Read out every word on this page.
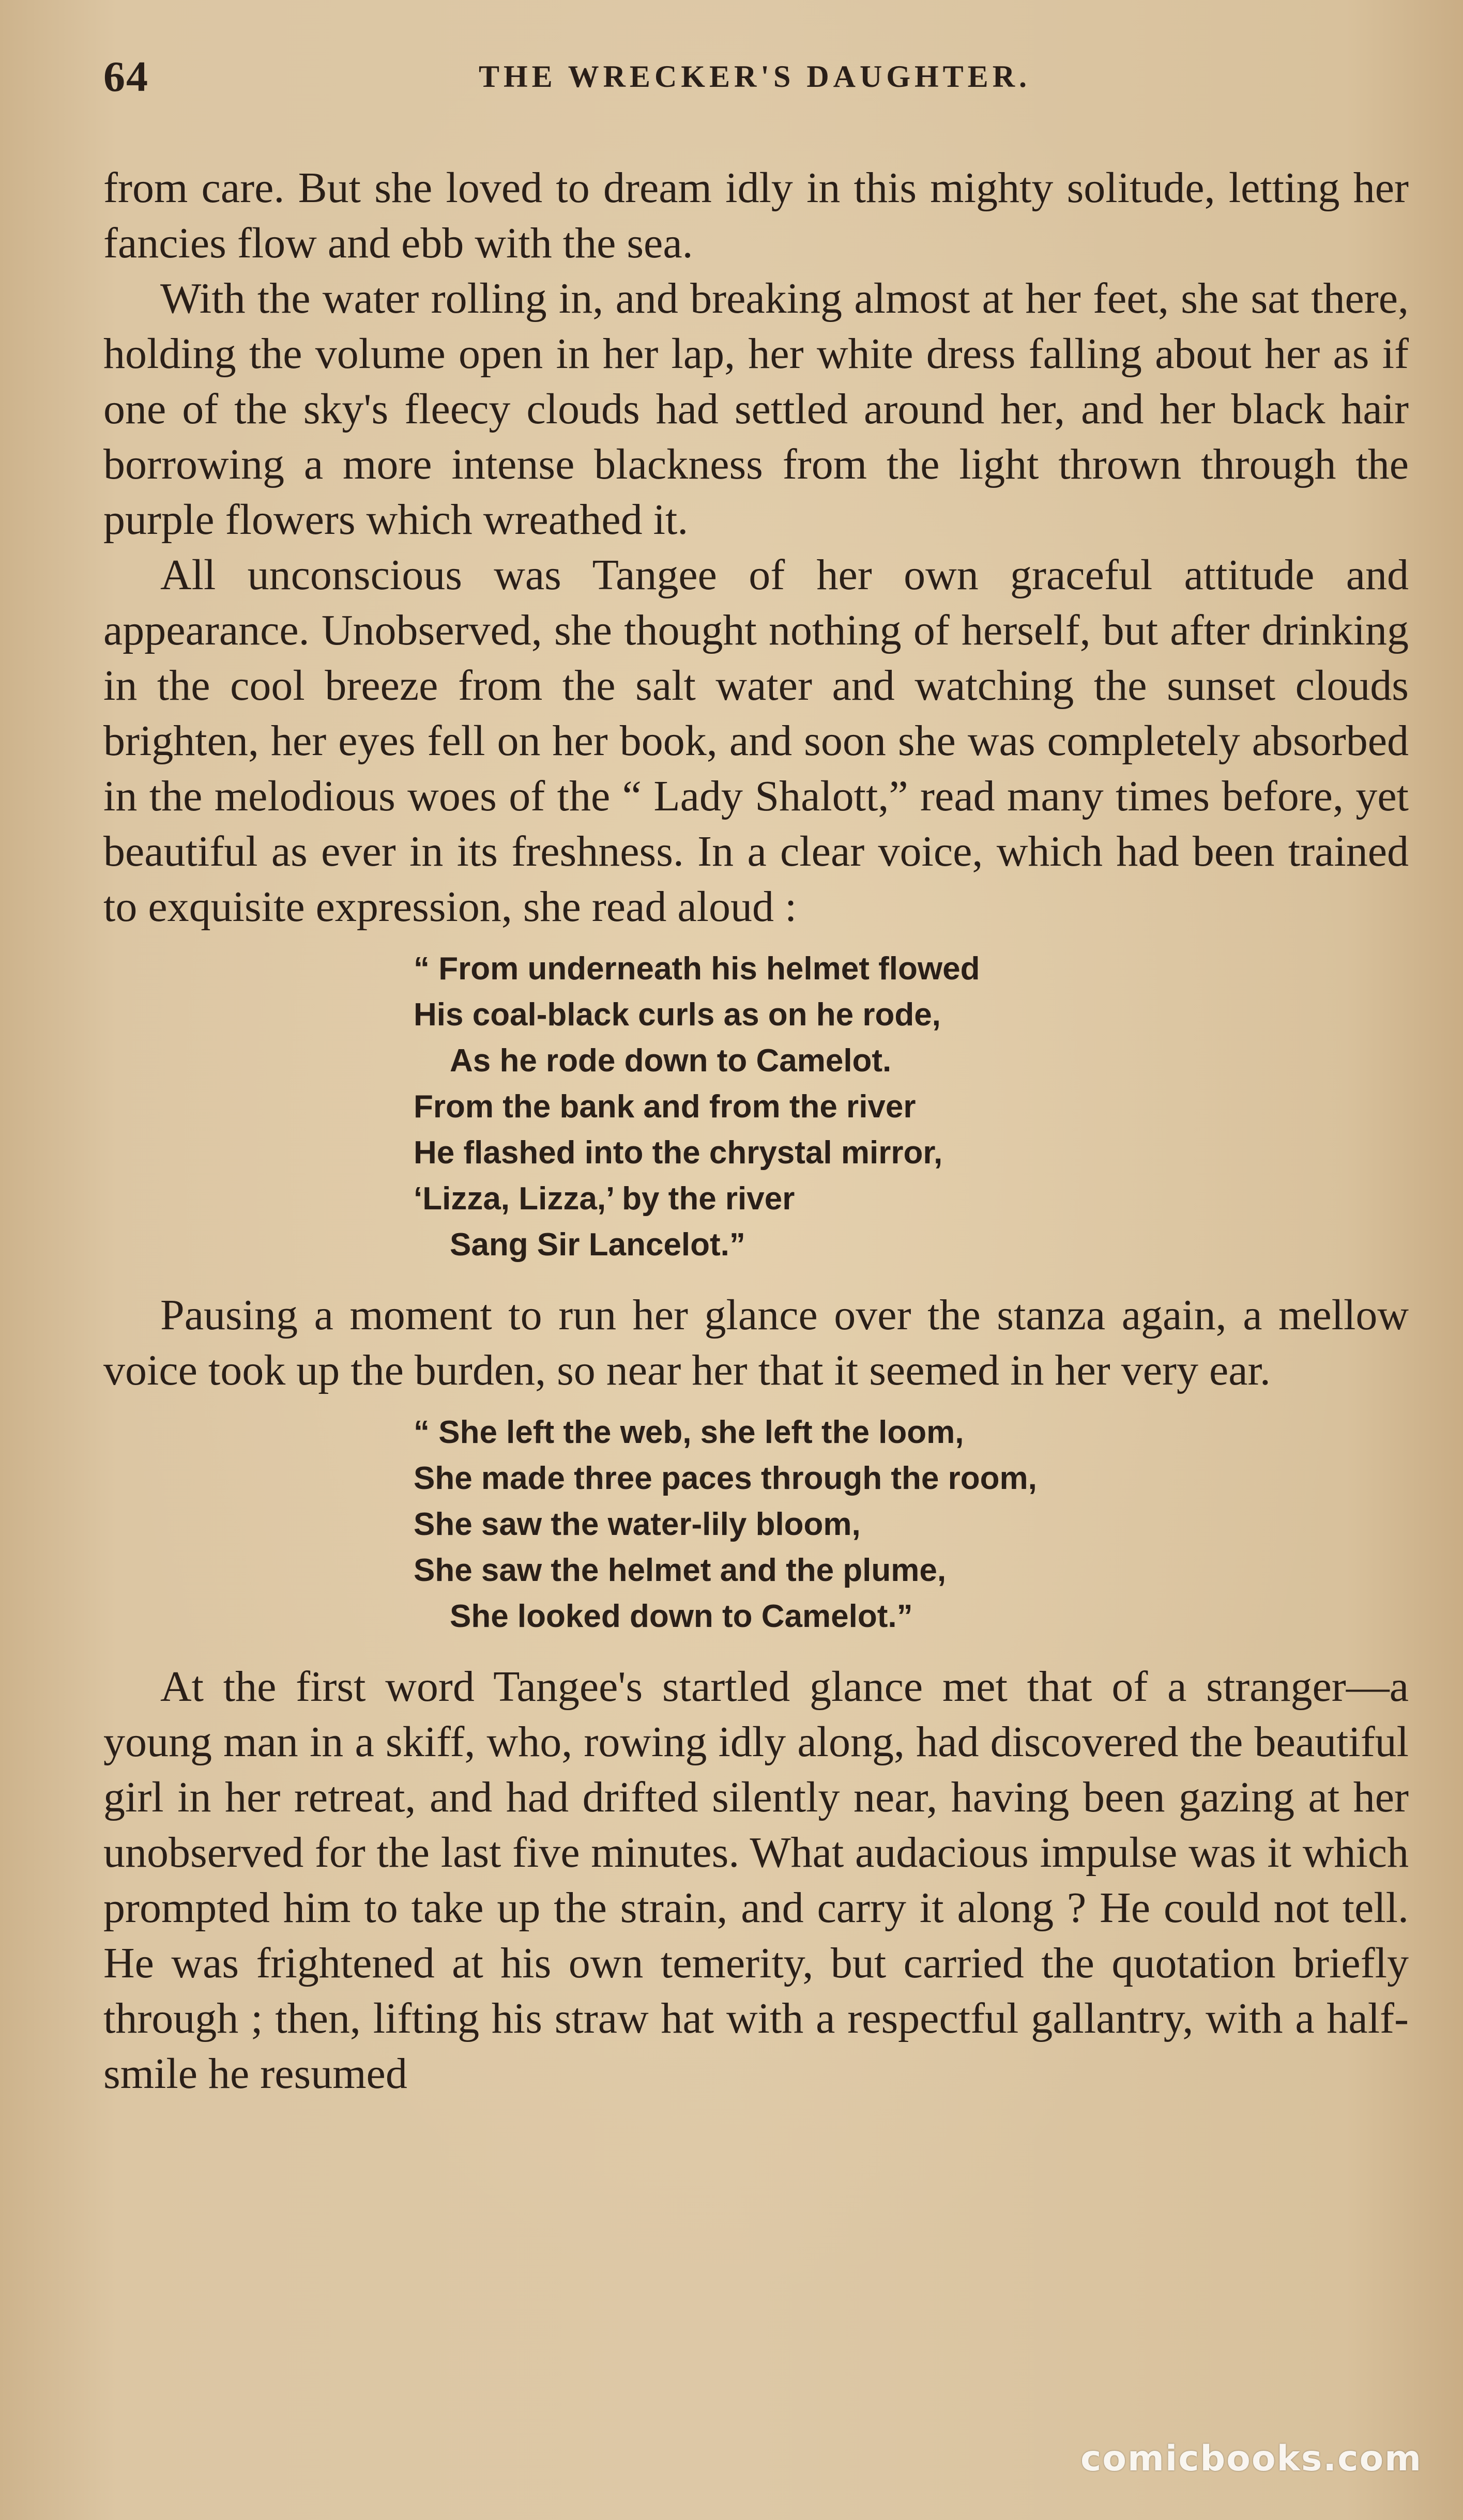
64	THE WRECKER'S DAUGHTER.

from care. But she loved to dream idly in this mighty solitude, letting her fancies flow and ebb with the sea.

With the water rolling in, and breaking almost at her feet, she sat there, holding the volume open in her lap, her white dress falling about her as if one of the sky's fleecy clouds had settled around her, and her black hair borrowing a more intense blackness from the light thrown through the purple flowers which wreathed it.

All unconscious was Tangee of her own graceful attitude and appearance. Unobserved, she thought nothing of herself, but after drinking in the cool breeze from the salt water and watching the sunset clouds brighten, her eyes fell on her book, and soon she was completely absorbed in the melodious woes of the “ Lady Shalott,” read many times before, yet beautiful as ever in its freshness. In a clear voice, which had been trained to exquisite expression, she read aloud :

“ From underneath his helmet flowed
His coal-black curls as on he rode,
As he rode down to Camelot.
From the bank and from the river
He flashed into the chrystal mirror,
‘Lizza, Lizza,’ by the river
Sang Sir Lancelot.”

Pausing a moment to run her glance over the stanza again, a mellow voice took up the burden, so near her that it seemed in her very ear.

“ She left the web, she left the loom,
She made three paces through the room,
She saw the water-lily bloom,
She saw the helmet and the plume,
She looked down to Camelot.”

At the first word Tangee's startled glance met that of a stranger—a young man in a skiff, who, rowing idly along, had discovered the beautiful girl in her retreat, and had drifted silently near, having been gazing at her unobserved for the last five minutes. What audacious impulse was it which prompted him to take up the strain, and carry it along ? He could not tell. He was frightened at his own temerity, but carried the quotation briefly through ; then, lifting his straw hat with a respectful gallantry, with a half-smile he resumed

comicbooks.com
